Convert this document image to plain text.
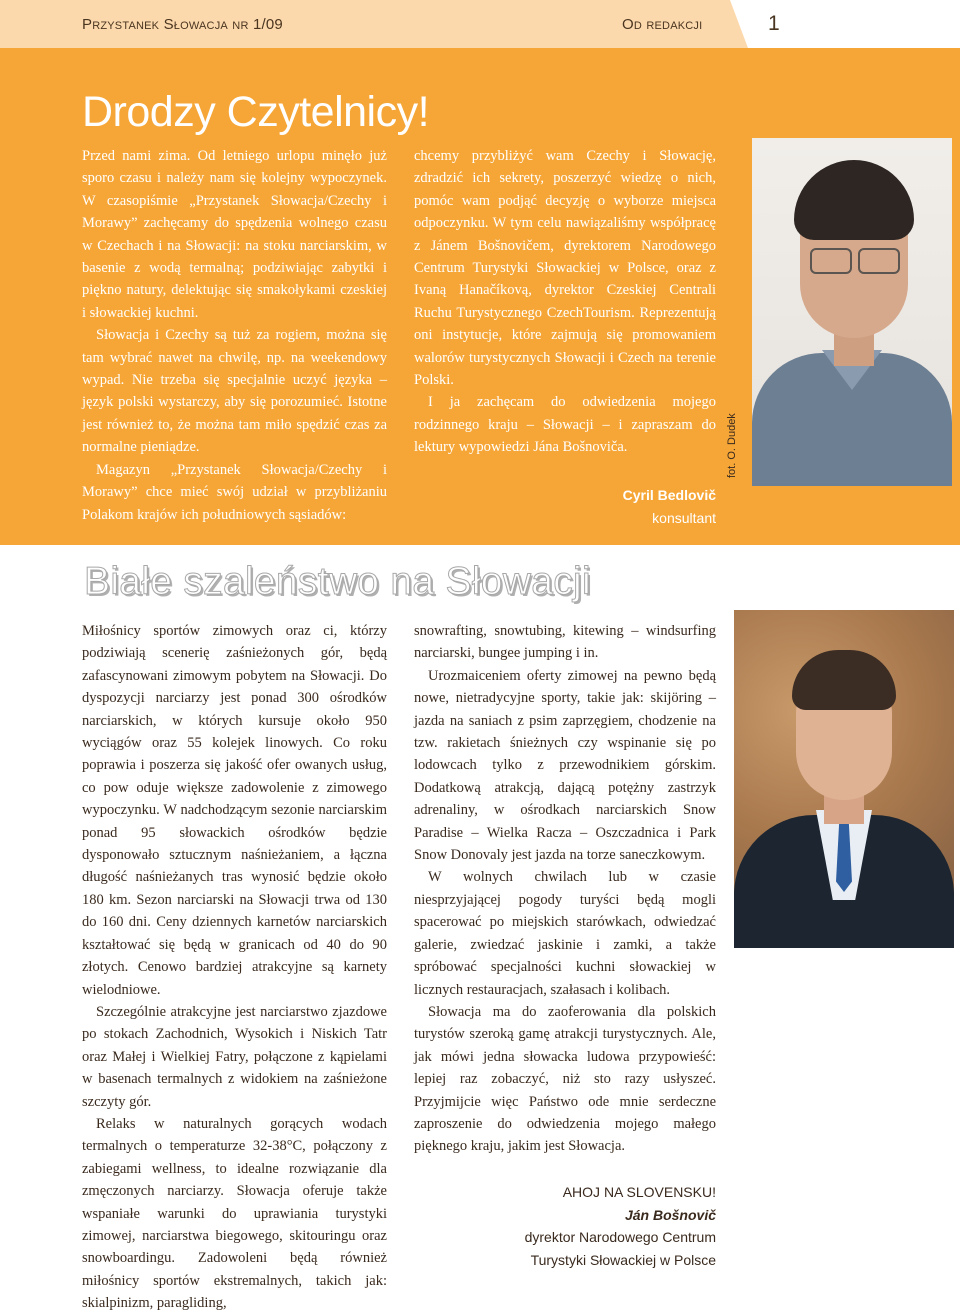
Przystanek Słowacja nr 1/09	Od redakcji	1
Drodzy Czytelnicy!

Przed nami zima. Od letniego urlopu minęło już sporo czasu i należy nam się kolejny wypoczynek. W czasopiśmie „Przystanek Słowacja/Czechy i Morawy” zachęcamy do spędzenia wolnego czasu w Czechach i na Słowacji: na stoku narciarskim, w basenie z wodą termalną; podziwiając zabytki i piękno natury, delektując się smakołykami czeskiej i słowackiej kuchni.

Słowacja i Czechy są tuż za rogiem, można się tam wybrać nawet na chwilę, np. na weekendowy wypad. Nie trzeba się specjalnie uczyć języka – język polski wystarczy, aby się porozumieć. Istotne jest również to, że można tam miło spędzić czas za normalne pieniądze.

Magazyn „Przystanek Słowacja/Czechy i Morawy” chce mieć swój udział w przybliżaniu Polakom krajów ich południowych sąsiadów:

chcemy przybliżyć wam Czechy i Słowację, zdradzić ich sekrety, poszerzyć wiedzę o nich, pomóc wam podjąć decyzję o wyborze miejsca odpoczynku. W tym celu nawiązaliśmy współpracę z Jánem Bošnovičem, dyrektorem Narodowego Centrum Turystyki Słowackiej w Polsce, oraz z Ivaną Hanačíkovą, dyrektor Czeskiej Centrali Ruchu Turystycznego CzechTourism. Reprezentują oni instytucje, które zajmują się promowaniem walorów turystycznych Słowacji i Czech na terenie Polski.

I ja zachęcam do odwiedzenia mojego rodzinnego kraju – Słowacji – i zapraszam do lektury wypowiedzi Jána Bošnoviča.

Cyril Bedlovič
konsultant
fot. O. Dudek
Białe szaleństwo na Słowacji

Miłośnicy sportów zimowych oraz ci, którzy podziwiają scenerię zaśnieżonych gór, będą zafascynowani zimowym pobytem na Słowacji. Do dyspozycji narciarzy jest ponad 300 ośrodków narciarskich, w których kursuje około 950 wyciągów oraz 55 kolejek linowych. Co roku poprawia i poszerza się jakość ofer owanych usług, co pow oduje większe zadowolenie z zimowego wypoczynku. W nadchodzącym sezonie narciarskim ponad 95 słowackich ośrodków będzie dysponowało sztucznym naśnieżaniem, a łączna długość naśnieżanych tras wynosić będzie około 180 km. Sezon narciarski na Słowacji trwa od 130 do 160 dni. Ceny dziennych karnetów narciarskich kształtować się będą w granicach od 40 do 90 złotych. Cenowo bardziej atrakcyjne są karnety wielodniowe.

Szczególnie atrakcyjne jest narciarstwo zjazdowe po stokach Zachodnich, Wysokich i Niskich Tatr oraz Małej i Wielkiej Fatry, połączone z kąpielami w basenach termalnych z widokiem na zaśnieżone szczyty gór.

Relaks w naturalnych gorących wodach termalnych o temperaturze 32-38°C, połączony z zabiegami wellness, to idealne rozwiązanie dla zmęczonych narciarzy. Słowacja oferuje także wspaniałe warunki do uprawiania turystyki zimowej, narciarstwa biegowego, skitouringu oraz snowboardingu. Zadowoleni będą również miłośnicy sportów ekstremalnych, takich jak: skialpinizm, paragliding,

snowrafting, snowtubing, kitewing – windsurfing narciarski, bungee jumping i in.

Urozmaiceniem oferty zimowej na pewno będą nowe, nietradycyjne sporty, takie jak: skijöring – jazda na saniach z psim zaprzęgiem, chodzenie na tzw. rakietach śnieżnych czy wspinanie się po lodowcach tylko z przewodnikiem górskim. Dodatkową atrakcją, dającą potężny zastrzyk adrenaliny, w ośrodkach narciarskich Snow Paradise – Wielka Racza – Oszczadnica i Park Snow Donovaly jest jazda na torze saneczkowym.

W wolnych chwilach lub w czasie niesprzyjającej pogody turyści będą mogli spacerować po miejskich starówkach, odwiedzać galerie, zwiedzać jaskinie i zamki, a także spróbować specjalności kuchni słowackiej w licznych restauracjach, szałasach i kolibach.

Słowacja ma do zaoferowania dla polskich turystów szeroką gamę atrakcji turystycznych. Ale, jak mówi jedna słowacka ludowa przypowieść: lepiej raz zobaczyć, niż sto razy usłyszeć. Przyjmijcie więc Państwo ode mnie serdeczne zaproszenie do odwiedzenia mojego małego pięknego kraju, jakim jest Słowacja.

AHOJ NA SLOVENSKU!
Ján Bošnovič
dyrektor Narodowego Centrum
Turystyki Słowackiej w Polsce
